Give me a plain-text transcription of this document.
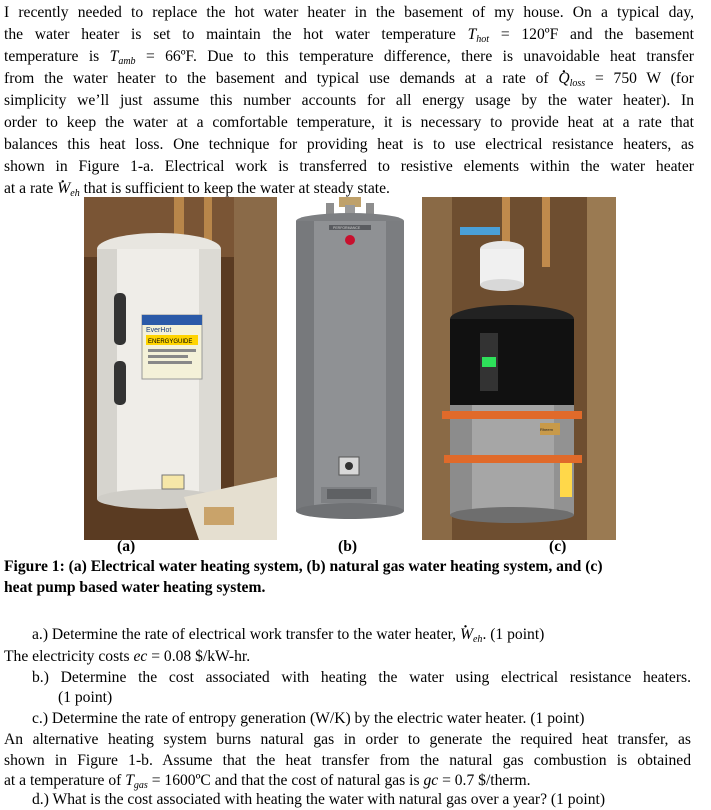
I recently needed to replace the hot water heater in the basement of my house. On a typical day,
the water heater is set to maintain the hot water temperature $T_{hot}$ = 120ºF and the basement
temperature is $T_{amb}$ = 66ºF. Due to this temperature difference, there is unavoidable heat transfer
from the water heater to the basement and typical use demands at a rate of · $Q_{loss} = 750$ W (for
simplicity we’ll just assume this number accounts for all energy usage by the water heater). In
order to keep the water at a comfortable temperature, it is necessary to provide heat at a rate that
balances this heat loss. One technique for providing heat is to use electrical resistance heaters, as
shown in Figure 1-a. Electrical work is transferred to resistive elements within the water heater
at a rate · $W_{eh}$ that is sufficient to keep the water at steady state.
EverHot
ENERGYGUIDE
PERFORMANCE
Rheem
(a)	(b)	(c)
Figure 1: (a) Electrical water heating system, (b) natural gas water heating system, and (c)
heat pump based water heating system.
a.) Determine the rate of electrical work transfer to the water heater, · $W_{eh}$. (1 point)
The electricity costs ec = 0.08 $/kW-hr.
b.) Determine the cost associated with heating the water using electrical resistance heaters.
(1 point)
c.) Determine the rate of entropy generation (W/K) by the electric water heater. (1 point)
An alternative heating system burns natural gas in order to generate the required heat transfer, as
shown in Figure 1-b. Assume that the heat transfer from the natural gas combustion is obtained
at a temperature of $T_{gas}$ = 1600ºC and that the cost of natural gas is gc = 0.7 $/therm.
d.) What is the cost associated with heating the water with natural gas over a year? (1 point)
